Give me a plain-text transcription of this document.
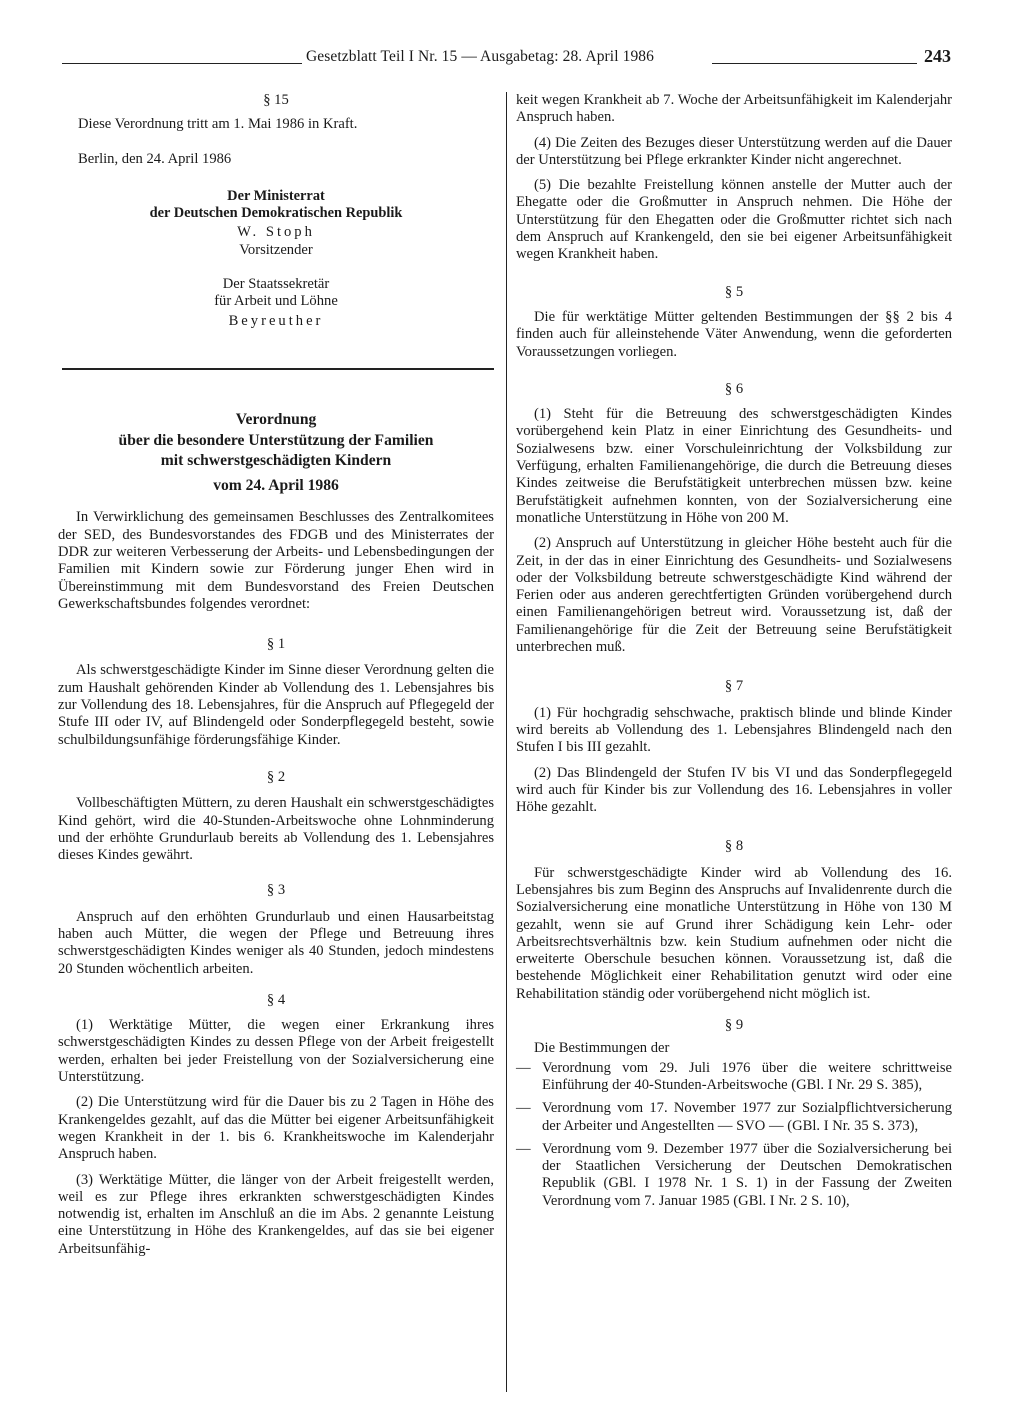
Gesetzblatt Teil I Nr. 15 — Ausgabetag: 28. April 1986	243
§ 15

Diese Verordnung tritt am 1. Mai 1986 in Kraft.

Berlin, den 24. April 1986

Der Ministerrat
der Deutschen Demokratischen Republik
W. Stoph
Vorsitzender
Der Staatssekretär
für Arbeit und Löhne
Beyreuther
Verordnung
über die besondere Unterstützung der Familien
mit schwerstgeschädigten Kindern
vom 24. April 1986

In Verwirklichung des gemeinsamen Beschlusses des Zentralkomitees der SED, des Bundesvorstandes des FDGB und des Ministerrates der DDR zur weiteren Verbesserung der Arbeits- und Lebensbedingungen der Familien mit Kindern sowie zur Förderung junger Ehen wird in Übereinstimmung mit dem Bundesvorstand des Freien Deutschen Gewerkschaftsbundes folgendes verordnet:

§ 1

Als schwerstgeschädigte Kinder im Sinne dieser Verordnung gelten die zum Haushalt gehörenden Kinder ab Vollendung des 1. Lebensjahres bis zur Vollendung des 18. Lebensjahres, für die Anspruch auf Pflegegeld der Stufe III oder IV, auf Blindengeld oder Sonderpflegegeld besteht, sowie schulbildungsunfähige förderungsfähige Kinder.

§ 2

Vollbeschäftigten Müttern, zu deren Haushalt ein schwerstgeschädigtes Kind gehört, wird die 40-Stunden-Arbeitswoche ohne Lohnminderung und der erhöhte Grundurlaub bereits ab Vollendung des 1. Lebensjahres dieses Kindes gewährt.

§ 3

Anspruch auf den erhöhten Grundurlaub und einen Hausarbeitstag haben auch Mütter, die wegen der Pflege und Betreuung ihres schwerstgeschädigten Kindes weniger als 40 Stunden, jedoch mindestens 20 Stunden wöchentlich arbeiten.

§ 4

(1) Werktätige Mütter, die wegen einer Erkrankung ihres schwerstgeschädigten Kindes zu dessen Pflege von der Arbeit freigestellt werden, erhalten bei jeder Freistellung von der Sozialversicherung eine Unterstützung.

(2) Die Unterstützung wird für die Dauer bis zu 2 Tagen in Höhe des Krankengeldes gezahlt, auf das die Mütter bei eigener Arbeitsunfähigkeit wegen Krankheit in der 1. bis 6. Krankheitswoche im Kalenderjahr Anspruch haben.

(3) Werktätige Mütter, die länger von der Arbeit freigestellt werden, weil es zur Pflege ihres erkrankten schwerstgeschädigten Kindes notwendig ist, erhalten im Anschluß an die im Abs. 2 genannte Leistung eine Unterstützung in Höhe des Krankengeldes, auf das sie bei eigener Arbeitsunfähig-

keit wegen Krankheit ab 7. Woche der Arbeitsunfähigkeit im Kalenderjahr Anspruch haben.

(4) Die Zeiten des Bezuges dieser Unterstützung werden auf die Dauer der Unterstützung bei Pflege erkrankter Kinder nicht angerechnet.

(5) Die bezahlte Freistellung können anstelle der Mutter auch der Ehegatte oder die Großmutter in Anspruch nehmen. Die Höhe der Unterstützung für den Ehegatten oder die Großmutter richtet sich nach dem Anspruch auf Krankengeld, den sie bei eigener Arbeitsunfähigkeit wegen Krankheit haben.

§ 5

Die für werktätige Mütter geltenden Bestimmungen der §§ 2 bis 4 finden auch für alleinstehende Väter Anwendung, wenn die geforderten Voraussetzungen vorliegen.

§ 6

(1) Steht für die Betreuung des schwerstgeschädigten Kindes vorübergehend kein Platz in einer Einrichtung des Gesundheits- und Sozialwesens bzw. einer Vorschuleinrichtung der Volksbildung zur Verfügung, erhalten Familienangehörige, die durch die Betreuung dieses Kindes zeitweise die Berufstätigkeit unterbrechen müssen bzw. keine Berufstätigkeit aufnehmen konnten, von der Sozialversicherung eine monatliche Unterstützung in Höhe von 200 M.

(2) Anspruch auf Unterstützung in gleicher Höhe besteht auch für die Zeit, in der das in einer Einrichtung des Gesundheits- und Sozialwesens oder der Volksbildung betreute schwerstgeschädigte Kind während der Ferien oder aus anderen gerechtfertigten Gründen vorübergehend durch einen Familienangehörigen betreut wird. Voraussetzung ist, daß der Familienangehörige für die Zeit der Betreuung seine Berufstätigkeit unterbrechen muß.

§ 7

(1) Für hochgradig sehschwache, praktisch blinde und blinde Kinder wird bereits ab Vollendung des 1. Lebensjahres Blindengeld nach den Stufen I bis III gezahlt.

(2) Das Blindengeld der Stufen IV bis VI und das Sonderpflegegeld wird auch für Kinder bis zur Vollendung des 16. Lebensjahres in voller Höhe gezahlt.

§ 8

Für schwerstgeschädigte Kinder wird ab Vollendung des 16. Lebensjahres bis zum Beginn des Anspruchs auf Invalidenrente durch die Sozialversicherung eine monatliche Unterstützung in Höhe von 130 M gezahlt, wenn sie auf Grund ihrer Schädigung kein Lehr- oder Arbeitsrechtsverhältnis bzw. kein Studium aufnehmen oder nicht die erweiterte Oberschule besuchen können. Voraussetzung ist, daß die bestehende Möglichkeit einer Rehabilitation genutzt wird oder eine Rehabilitation ständig oder vorübergehend nicht möglich ist.

§ 9

Die Bestimmungen der

— Verordnung vom 29. Juli 1976 über die weitere schrittweise Einführung der 40-Stunden-Arbeitswoche (GBl. I Nr. 29 S. 385),
— Verordnung vom 17. November 1977 zur Sozialpflichtversicherung der Arbeiter und Angestellten — SVO — (GBl. I Nr. 35 S. 373),
— Verordnung vom 9. Dezember 1977 über die Sozialversicherung bei der Staatlichen Versicherung der Deutschen Demokratischen Republik (GBl. I 1978 Nr. 1 S. 1) in der Fassung der Zweiten Verordnung vom 7. Januar 1985 (GBl. I Nr. 2 S. 10),
